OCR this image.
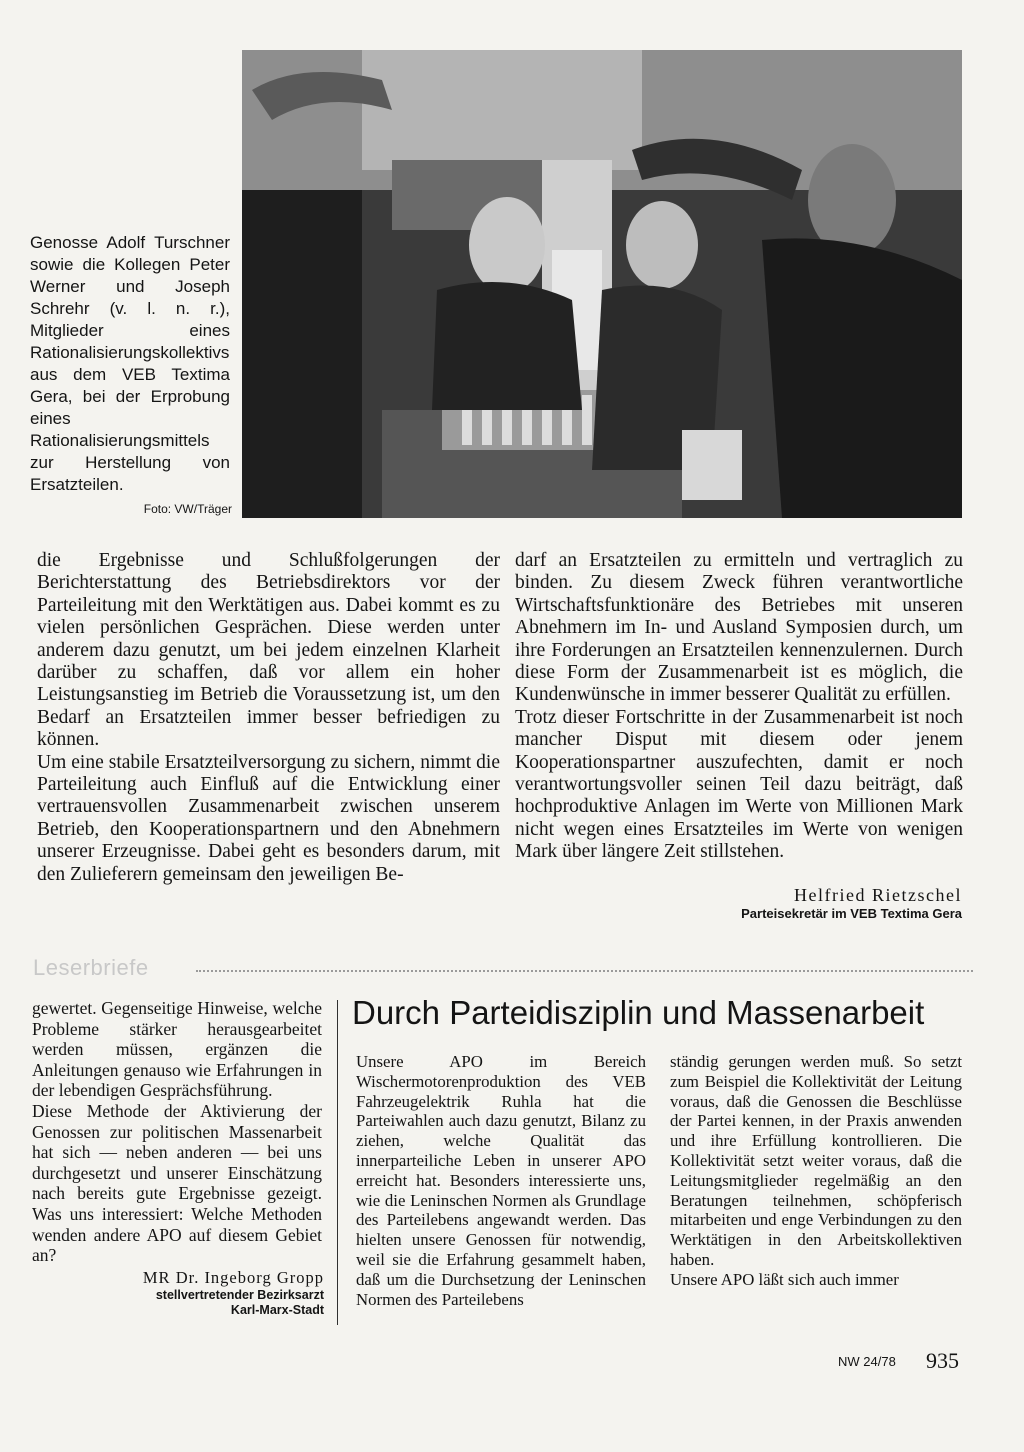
Genosse Adolf Turschner sowie die Kollegen Peter Werner und Joseph Schrehr (v. l. n. r.), Mitglieder eines Rationalisierungskollektivs aus dem VEB Textima Gera, bei der Erprobung eines Rationalisierungsmittels zur Herstellung von Ersatzteilen.
Foto: VW/Träger

die Ergebnisse und Schlußfolgerungen der Berichterstattung des Betriebsdirektors vor der Parteileitung mit den Werktätigen aus. Dabei kommt es zu vielen persönlichen Gesprächen. Diese werden unter anderem dazu genutzt, um bei jedem einzelnen Klarheit darüber zu schaffen, daß vor allem ein hoher Leistungsanstieg im Betrieb die Voraussetzung ist, um den Bedarf an Ersatzteilen immer besser befriedigen zu können.

Um eine stabile Ersatzteilversorgung zu sichern, nimmt die Parteileitung auch Einfluß auf die Entwicklung einer vertrauensvollen Zusammenarbeit zwischen unserem Betrieb, den Kooperationspartnern und den Abnehmern unserer Erzeugnisse. Dabei geht es besonders darum, mit den Zulieferern gemeinsam den jeweiligen Be-

darf an Ersatzteilen zu ermitteln und vertraglich zu binden. Zu diesem Zweck führen verantwortliche Wirtschaftsfunktionäre des Betriebes mit unseren Abnehmern im In- und Ausland Symposien durch, um ihre Forderungen an Ersatzteilen kennenzulernen. Durch diese Form der Zusammenarbeit ist es möglich, die Kundenwünsche in immer besserer Qualität zu erfüllen.

Trotz dieser Fortschritte in der Zusammenarbeit ist noch mancher Disput mit diesem oder jenem Kooperationspartner auszufechten, damit er noch verantwortungsvoller seinen Teil dazu beiträgt, daß hochproduktive Anlagen im Werte von Millionen Mark nicht wegen eines Ersatzteiles im Werte von wenigen Mark über längere Zeit stillstehen.

Helfried Rietzschel
Parteisekretär im VEB Textima Gera
Leserbriefe

gewertet. Gegenseitige Hinweise, welche Probleme stärker herausgearbeitet werden müssen, ergänzen die Anleitungen genauso wie Erfahrungen in der lebendigen Gesprächsführung.

Diese Methode der Aktivierung der Genossen zur politischen Massenarbeit hat sich — neben anderen — bei uns durchgesetzt und unserer Einschätzung nach bereits gute Ergebnisse gezeigt. Was uns interessiert: Welche Methoden wenden andere APO auf diesem Gebiet an?

MR Dr. Ingeborg Gropp
stellvertretender Bezirksarzt
Karl-Marx-Stadt
Durch Parteidisziplin und Massenarbeit

Unsere APO im Bereich Wischermotorenproduktion des VEB Fahrzeugelektrik Ruhla hat die Parteiwahlen auch dazu genutzt, Bilanz zu ziehen, welche Qualität das innerparteiliche Leben in unserer APO erreicht hat. Besonders interessierte uns, wie die Leninschen Normen als Grundlage des Parteilebens angewandt werden. Das hielten unsere Genossen für notwendig, weil sie die Erfahrung gesammelt haben, daß um die Durchsetzung der Leninschen Normen des Parteilebens

ständig gerungen werden muß. So setzt zum Beispiel die Kollektivität der Leitung voraus, daß die Genossen die Beschlüsse der Partei kennen, in der Praxis anwenden und ihre Erfüllung kontrollieren. Die Kollektivität setzt weiter voraus, daß die Leitungsmitglieder regelmäßig an den Beratungen teilnehmen, schöpferisch mitarbeiten und enge Verbindungen zu den Werktätigen in den Arbeitskollektiven haben.

Unsere APO läßt sich auch immer

NW 24/78 935
